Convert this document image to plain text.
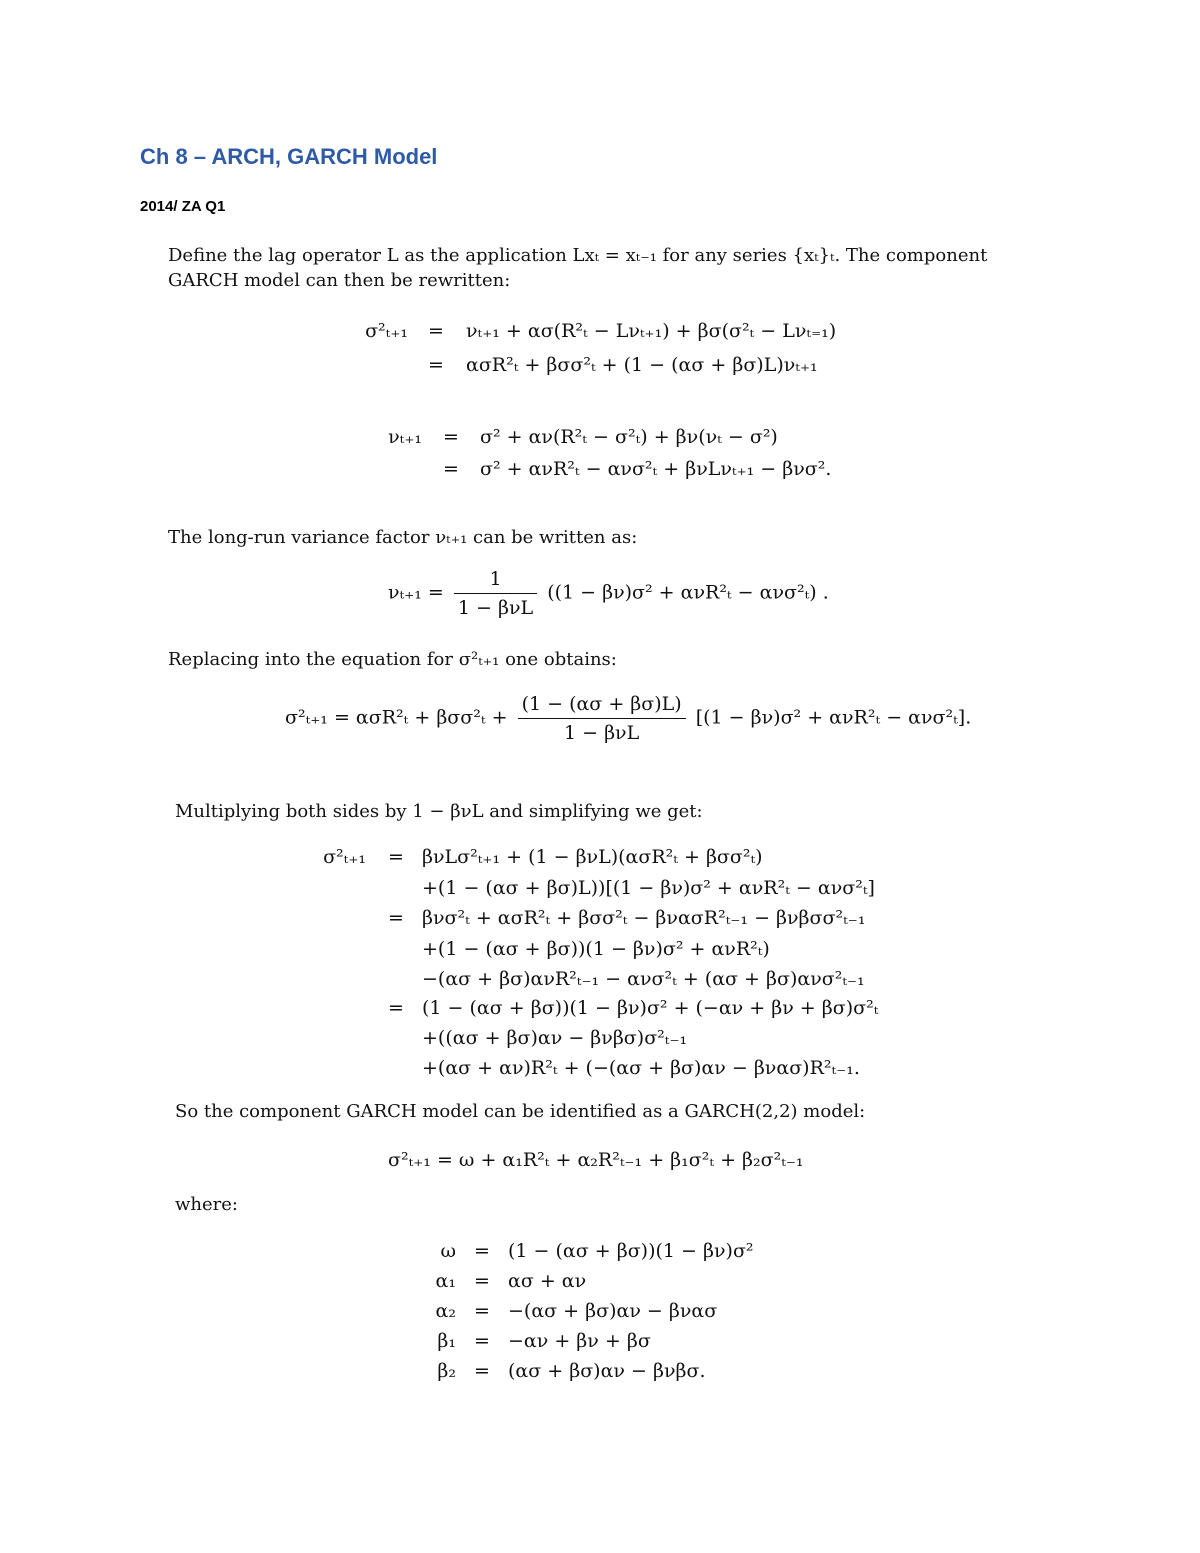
Ch 8 – ARCH, GARCH Model
2014/ ZA Q1
Define the lag operator L as the application Lxₜ = xₜ₋₁ for any series {xₜ}ₜ. The component
GARCH model can then be rewritten:
σ²ₜ₊₁ = νₜ₊₁ + ασ(R²ₜ − Lνₜ₊₁) + βσ(σ²ₜ − Lνₜ₌₁)
= ασR²ₜ + βσσ²ₜ + (1 − (ασ + βσ)L)νₜ₊₁
νₜ₊₁ = σ² + αν(R²ₜ − σ²ₜ) + βν(νₜ − σ²)
= σ² + ανR²ₜ − ανσ²ₜ + βνLνₜ₊₁ − βνσ².
The long-run variance factor νₜ₊₁ can be written as:
$\nu_{t+1} = \frac{1}{\text{1 − βνL}} ((1 - \beta\nu)\sigma^2 + \alpha\nu R^2_t - \alpha\nu\sigma^2_t)$ .
Replacing into the equation for σ²ₜ₊₁ one obtains:
$\sigma^2_{t+1} = \alpha\sigma R^2_t + \beta\sigma\sigma^2_t + \frac{(1 - (\alpha\sigma + \beta\sigma)L)}{\text{1 − βνL}} [(1 - \beta\nu)\sigma^2 + \alpha\nu R^2_t - \alpha\nu\sigma^2_t]$.
Multiplying both sides by 1 − βνL and simplifying we get:
σ²ₜ₊₁ = βνLσ²ₜ₊₁ + (1 − βνL)(ασR²ₜ + βσσ²ₜ)
+(1 − (ασ + βσ)L))[(1 − βν)σ² + ανR²ₜ − ανσ²ₜ]
= βνσ²ₜ + ασR²ₜ + βσσ²ₜ − βνασR²ₜ₋₁ − βνβσσ²ₜ₋₁
+(1 − (ασ + βσ))(1 − βν)σ² + ανR²ₜ)
−(ασ + βσ)ανR²ₜ₋₁ − ανσ²ₜ + (ασ + βσ)ανσ²ₜ₋₁
= (1 − (ασ + βσ))(1 − βν)σ² + (−αν + βν + βσ)σ²ₜ
+((ασ + βσ)αν − βνβσ)σ²ₜ₋₁
+(ασ + αν)R²ₜ + (−(ασ + βσ)αν − βνασ)R²ₜ₋₁.
So the component GARCH model can be identified as a GARCH(2,2) model:
σ²ₜ₊₁ = ω + α₁R²ₜ + α₂R²ₜ₋₁ + β₁σ²ₜ + β₂σ²ₜ₋₁
where:
ω = (1 − (ασ + βσ))(1 − βν)σ²
α₁ = ασ + αν
α₂ = −(ασ + βσ)αν − βνασ
β₁ = −αν + βν + βσ
β₂ = (ασ + βσ)αν − βνβσ.
